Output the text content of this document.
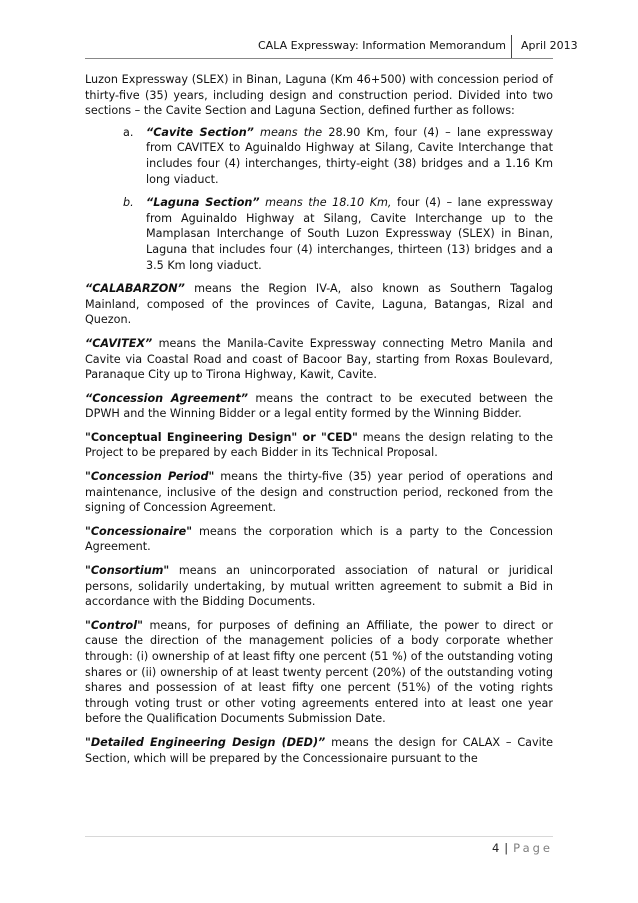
CALA Expressway: Information Memorandum April 2013

Luzon Expressway (SLEX) in Binan, Laguna (Km 46+500) with concession period of thirty-five (35) years, including design and construction period. Divided into two sections – the Cavite Section and Laguna Section, defined further as follows:

a.	“Cavite Section” means the 28.90 Km, four (4) – lane expressway from CAVITEX to Aguinaldo Highway at Silang, Cavite Interchange that includes four (4) interchanges, thirty-eight (38) bridges and a 1.16 Km long viaduct.
b.	“Laguna Section” means the 18.10 Km, four (4) – lane expressway from Aguinaldo Highway at Silang, Cavite Interchange up to the Mamplasan Interchange of South Luzon Expressway (SLEX) in Binan, Laguna that includes four (4) interchanges, thirteen (13) bridges and a 3.5 Km long viaduct.

“CALABARZON” means the Region IV-A, also known as Southern Tagalog Mainland, composed of the provinces of Cavite, Laguna, Batangas, Rizal and Quezon.

“CAVITEX” means the Manila-Cavite Expressway connecting Metro Manila and Cavite via Coastal Road and coast of Bacoor Bay, starting from Roxas Boulevard, Paranaque City up to Tirona Highway, Kawit, Cavite.

“Concession Agreement” means the contract to be executed between the DPWH and the Winning Bidder or a legal entity formed by the Winning Bidder.

"Conceptual Engineering Design" or "CED" means the design relating to the Project to be prepared by each Bidder in its Technical Proposal.

"Concession Period" means the thirty-five (35) year period of operations and maintenance, inclusive of the design and construction period, reckoned from the signing of Concession Agreement.

"Concessionaire" means the corporation which is a party to the Concession Agreement.

"Consortium" means an unincorporated association of natural or juridical persons, solidarily undertaking, by mutual written agreement to submit a Bid in accordance with the Bidding Documents.

"Control" means, for purposes of defining an Affiliate, the power to direct or cause the direction of the management policies of a body corporate whether through: (i) ownership of at least fifty one percent (51 %) of the outstanding voting shares or (ii) ownership of at least twenty percent (20%) of the outstanding voting shares and possession of at least fifty one percent (51%) of the voting rights through voting trust or other voting agreements entered into at least one year before the Qualification Documents Submission Date.

"Detailed Engineering Design (DED)” means the design for CALAX – Cavite Section, which will be prepared by the Concessionaire pursuant to the

4 | Page
